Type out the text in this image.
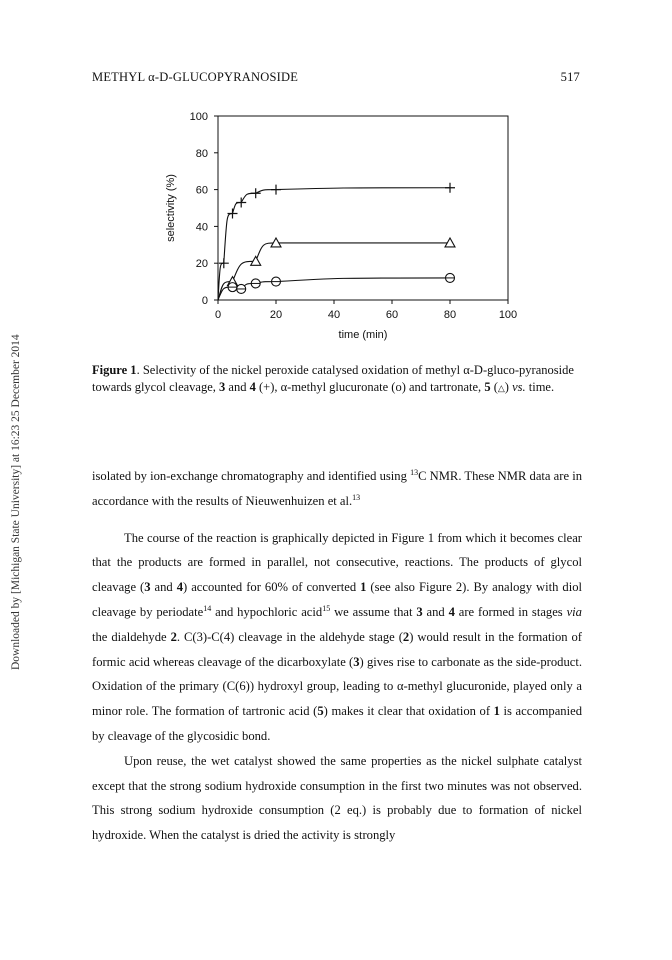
METHYL α-D-GLUCOPYRANOSIDE	517
Downloaded by [Michigan State University] at 16:23 25 December 2014
0
20
40
60
80
100
0	20	40	60	80	100
time (min)
selectivity (%)
Figure 1. Selectivity of the nickel peroxide catalysed oxidation of methyl α-D-gluco-pyranoside towards glycol cleavage, 3 and 4 (+), α-methyl glucuronate (o) and tartronate, 5 (△) vs. time.

isolated by ion-exchange chromatography and identified using $^{13}$C NMR. These NMR data are in accordance with the results of Nieuwenhuizen et al.$^{13}$

The course of the reaction is graphically depicted in Figure 1 from which it becomes clear that the products are formed in parallel, not consecutive, reactions. The products of glycol cleavage (3 and 4) accounted for 60% of converted 1 (see also Figure 2). By analogy with diol cleavage by periodate$^{14}$ and hypochloric acid$^{15}$ we assume that 3 and 4 are formed in stages via the dialdehyde 2. C(3)-C(4) cleavage in the aldehyde stage (2) would result in the formation of formic acid whereas cleavage of the dicarboxylate (3) gives rise to carbonate as the side-product. Oxidation of the primary (C(6)) hydroxyl group, leading to α-methyl glucuronide, played only a minor role. The formation of tartronic acid (5) makes it clear that oxidation of 1 is accompanied by cleavage of the glycosidic bond.

Upon reuse, the wet catalyst showed the same properties as the nickel sulphate catalyst except that the strong sodium hydroxide consumption in the first two minutes was not observed. This strong sodium hydroxide consumption (2 eq.) is probably due to formation of nickel hydroxide. When the catalyst is dried the activity is strongly
